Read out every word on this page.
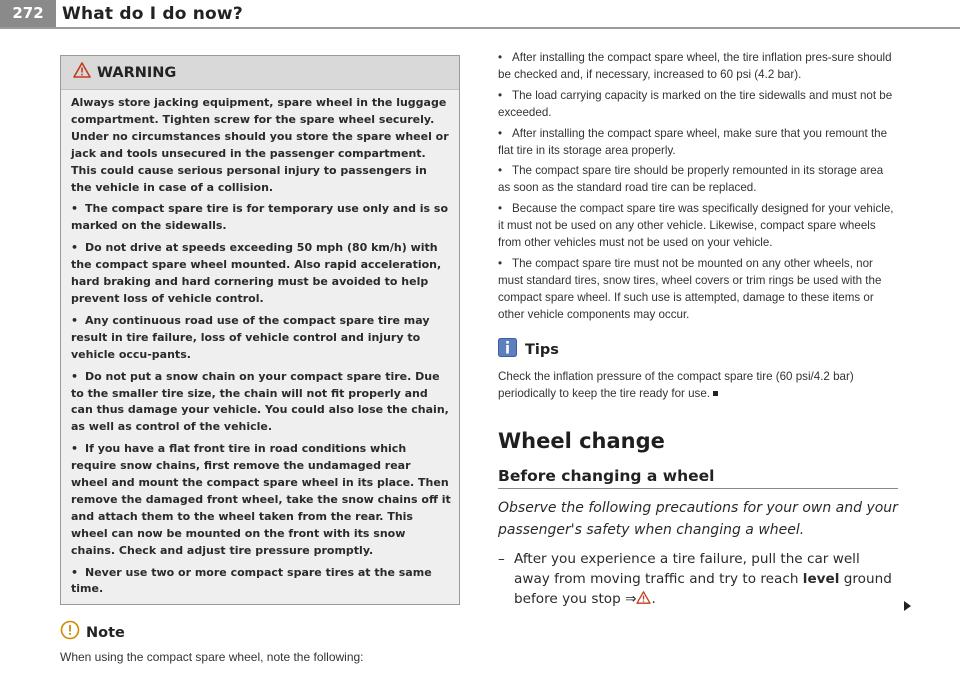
272	What do I do now?
WARNING

Always store jacking equipment, spare wheel in the luggage compartment. Tighten screw for the spare wheel securely. Under no circumstances should you store the spare wheel or jack and tools unsecured in the passenger compartment. This could cause serious personal injury to passengers in the vehicle in case of a collision.

• The compact spare tire is for temporary use only and is so marked on the sidewalls.

• Do not drive at speeds exceeding 50 mph (80 km/h) with the compact spare wheel mounted. Also rapid acceleration, hard braking and hard cornering must be avoided to help prevent loss of vehicle control.

• Any continuous road use of the compact spare tire may result in tire failure, loss of vehicle control and injury to vehicle occu-pants.

• Do not put a snow chain on your compact spare tire. Due to the smaller tire size, the chain will not fit properly and can thus damage your vehicle. You could also lose the chain, as well as control of the vehicle.

• If you have a flat front tire in road conditions which require snow chains, first remove the undamaged rear wheel and mount the compact spare wheel in its place. Then remove the damaged front wheel, take the snow chains off it and attach them to the wheel taken from the rear. This wheel can now be mounted on the front with its snow chains. Check and adjust tire pressure promptly.

• Never use two or more compact spare tires at the same time.

Note
When using the compact spare wheel, note the following:

• After installing the compact spare wheel, the tire inflation pres-sure should be checked and, if necessary, increased to 60 psi (4.2 bar).

• The load carrying capacity is marked on the tire sidewalls and must not be exceeded.

• After installing the compact spare wheel, make sure that you remount the flat tire in its storage area properly.

• The compact spare tire should be properly remounted in its storage area as soon as the standard road tire can be replaced.

• Because the compact spare tire was specifically designed for your vehicle, it must not be used on any other vehicle. Likewise, compact spare wheels from other vehicles must not be used on your vehicle.

• The compact spare tire must not be mounted on any other wheels, nor must standard tires, snow tires, wheel covers or trim rings be used with the compact spare wheel. If such use is attempted, damage to these items or other vehicle components may occur.

Tips
Check the inflation pressure of the compact spare tire (60 psi/4.2 bar) periodically to keep the tire ready for use.
Wheel change
Before changing a wheel
Observe the following precautions for your own and your passenger's safety when changing a wheel.
– After you experience a tire failure, pull the car well away from moving traffic and try to reach level ground before you stop ⇒ .
